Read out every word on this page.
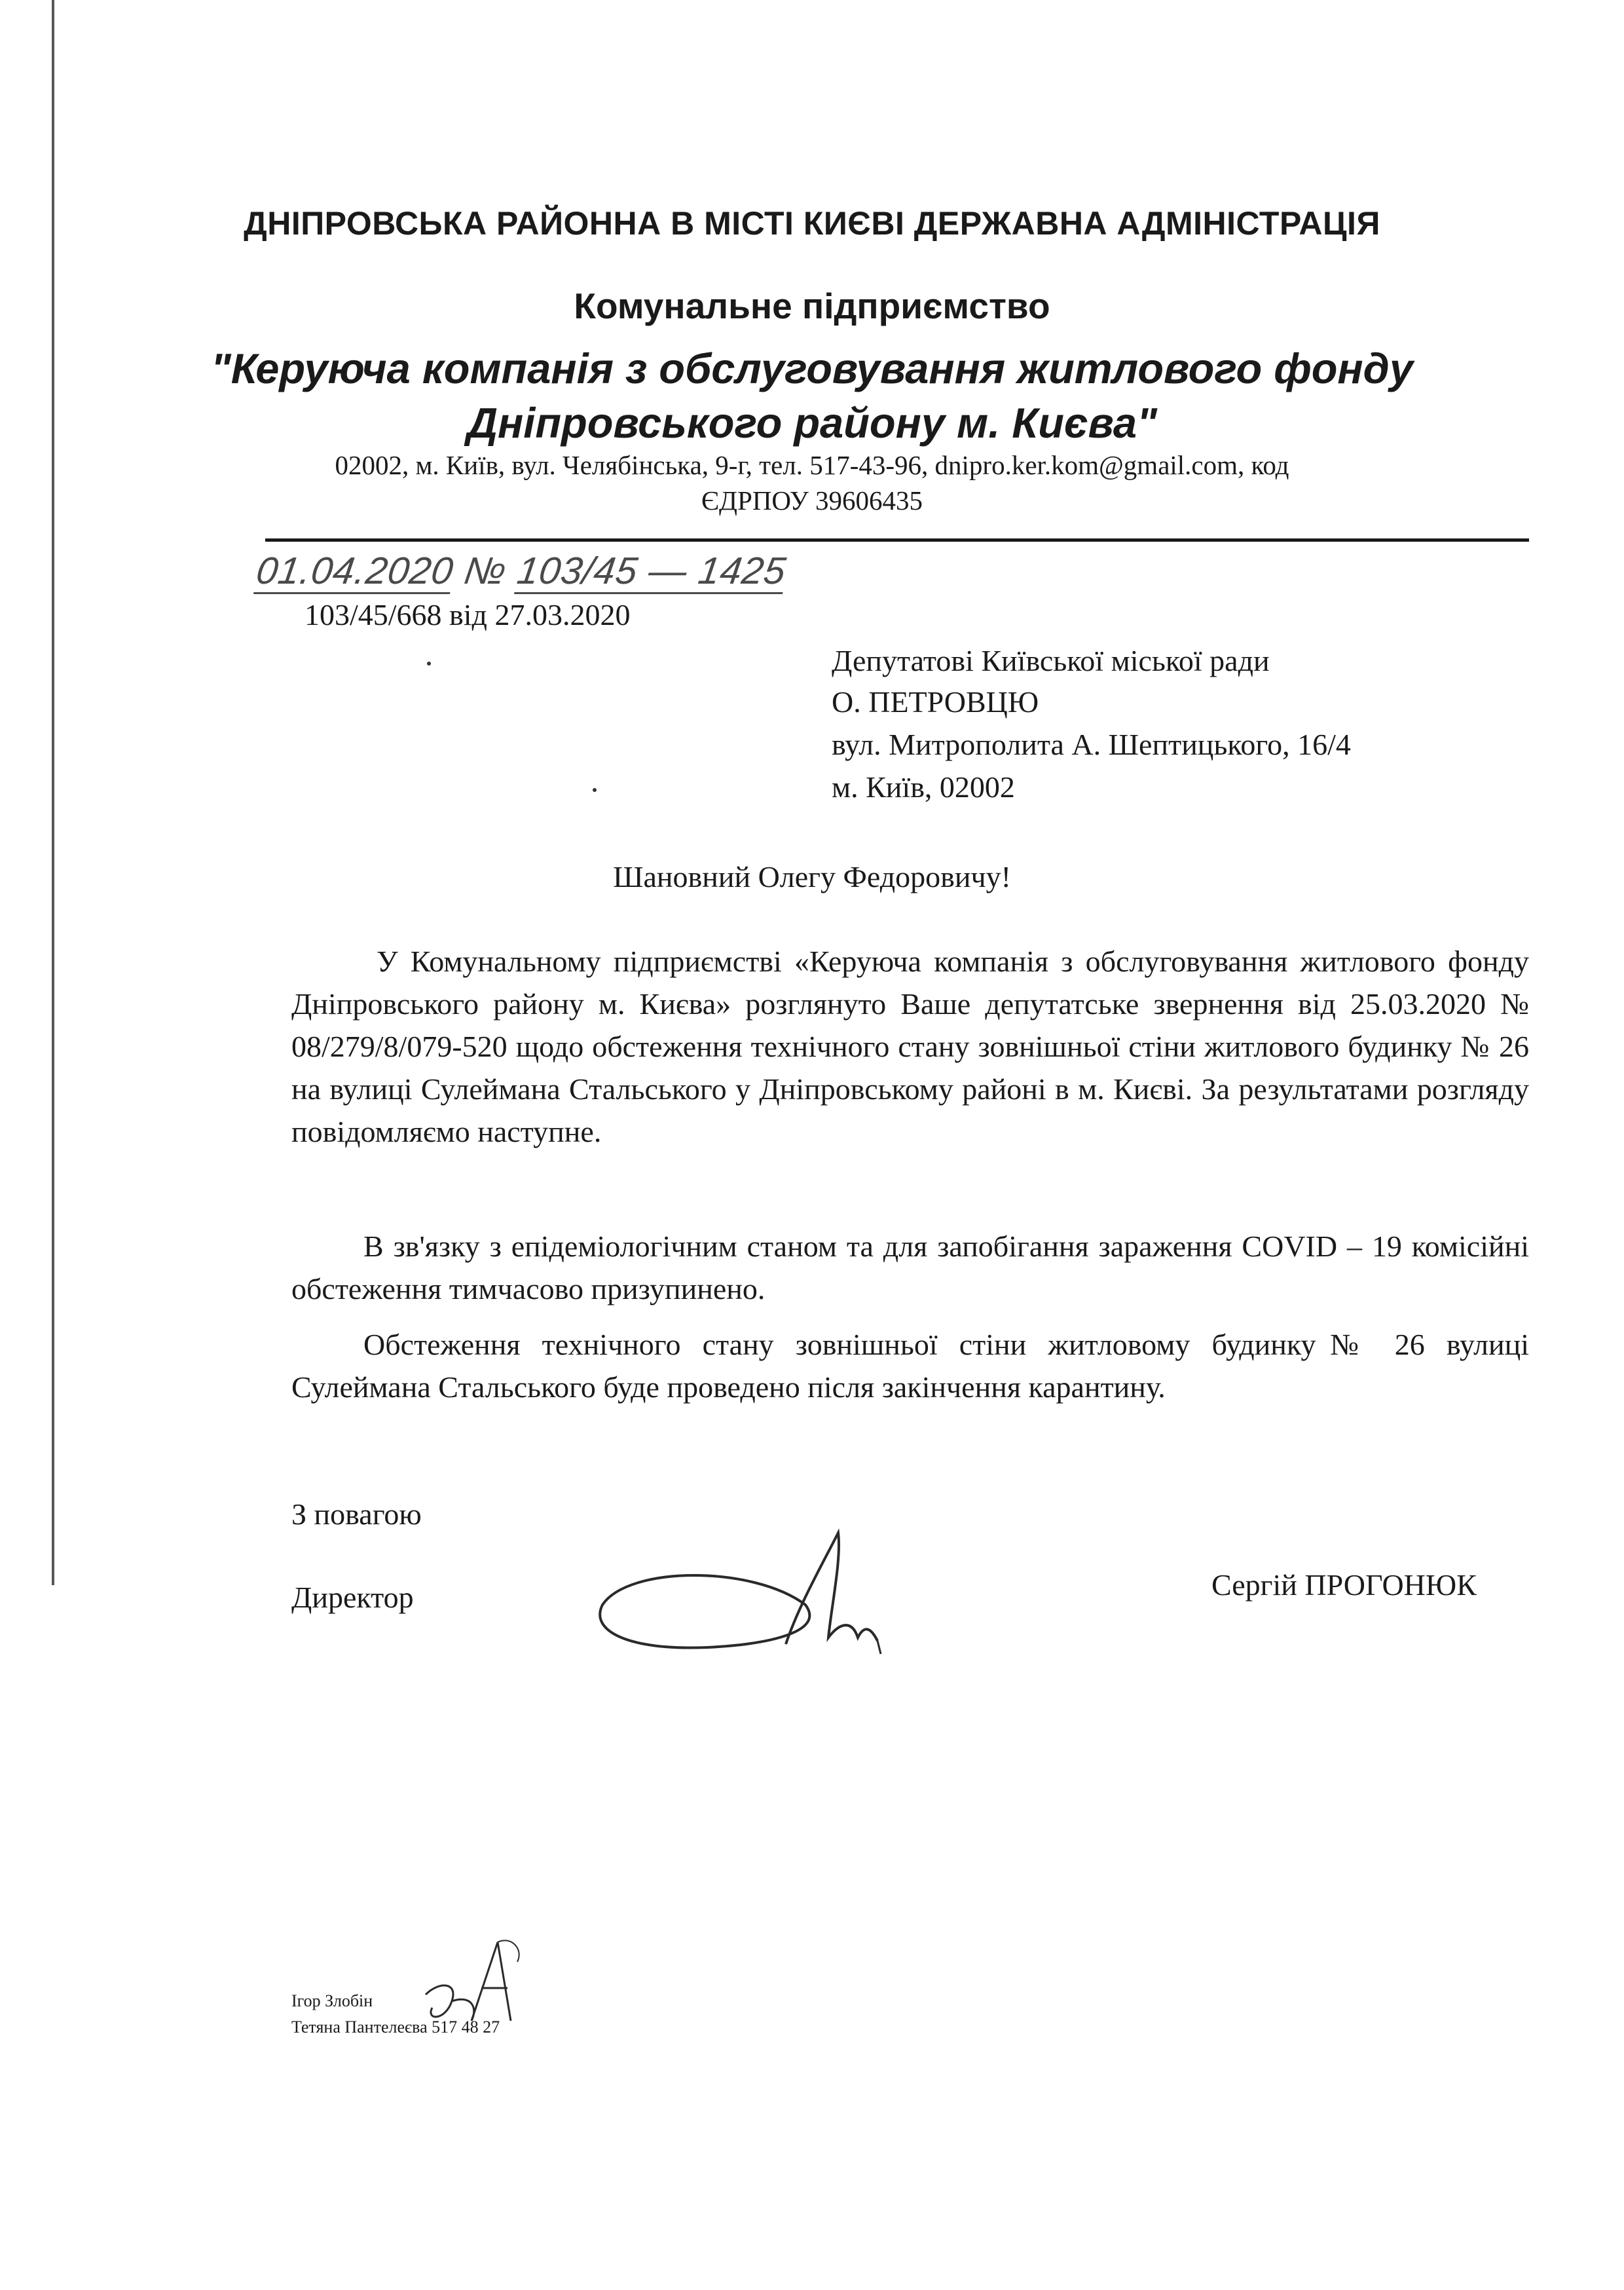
ДНІПРОВСЬКА РАЙОННА В МІСТІ КИЄВІ ДЕРЖАВНА АДМІНІСТРАЦІЯ
Комунальне підприємство
"Керуюча компанія з обслуговування житлового фонду
Дніпровського району м. Києва"
02002, м. Київ, вул. Челябінська, 9-г, тел. 517-43-96, dnipro.ker.kom@gmail.com, код
ЄДРПОУ 39606435
01.04.2020 № 103/45 — 1425
103/45/668 від 27.03.2020
Депутатові Київської міської ради
О. ПЕТРОВЦЮ
вул. Митрополита А. Шептицького, 16/4
м. Київ, 02002
Шановний Олегу Федоровичу!
У Комунальному підприємстві «Керуюча компанія з обслуговування житлового фонду Дніпровського району м. Києва» розглянуто Ваше депутатське звернення від 25.03.2020 № 08/279/8/079-520 щодо обстеження технічного стану зовнішньої стіни житлового будинку № 26 на вулиці Сулеймана Стальського у Дніпровському районі в м. Києві. За результатами розгляду повідомляємо наступне.
В зв'язку з епідеміологічним станом та для запобігання зараження COVID – 19 комісійні обстеження тимчасово призупинено.
Обстеження технічного стану зовнішньої стіни житловому будинку№ 26 вулиці Сулеймана Стальського буде проведено після закінчення карантину.
З повагою
Директор	Сергій ПРОГОНЮК
Ігор Злобін
Тетяна Пантелеєва 517 48 27
